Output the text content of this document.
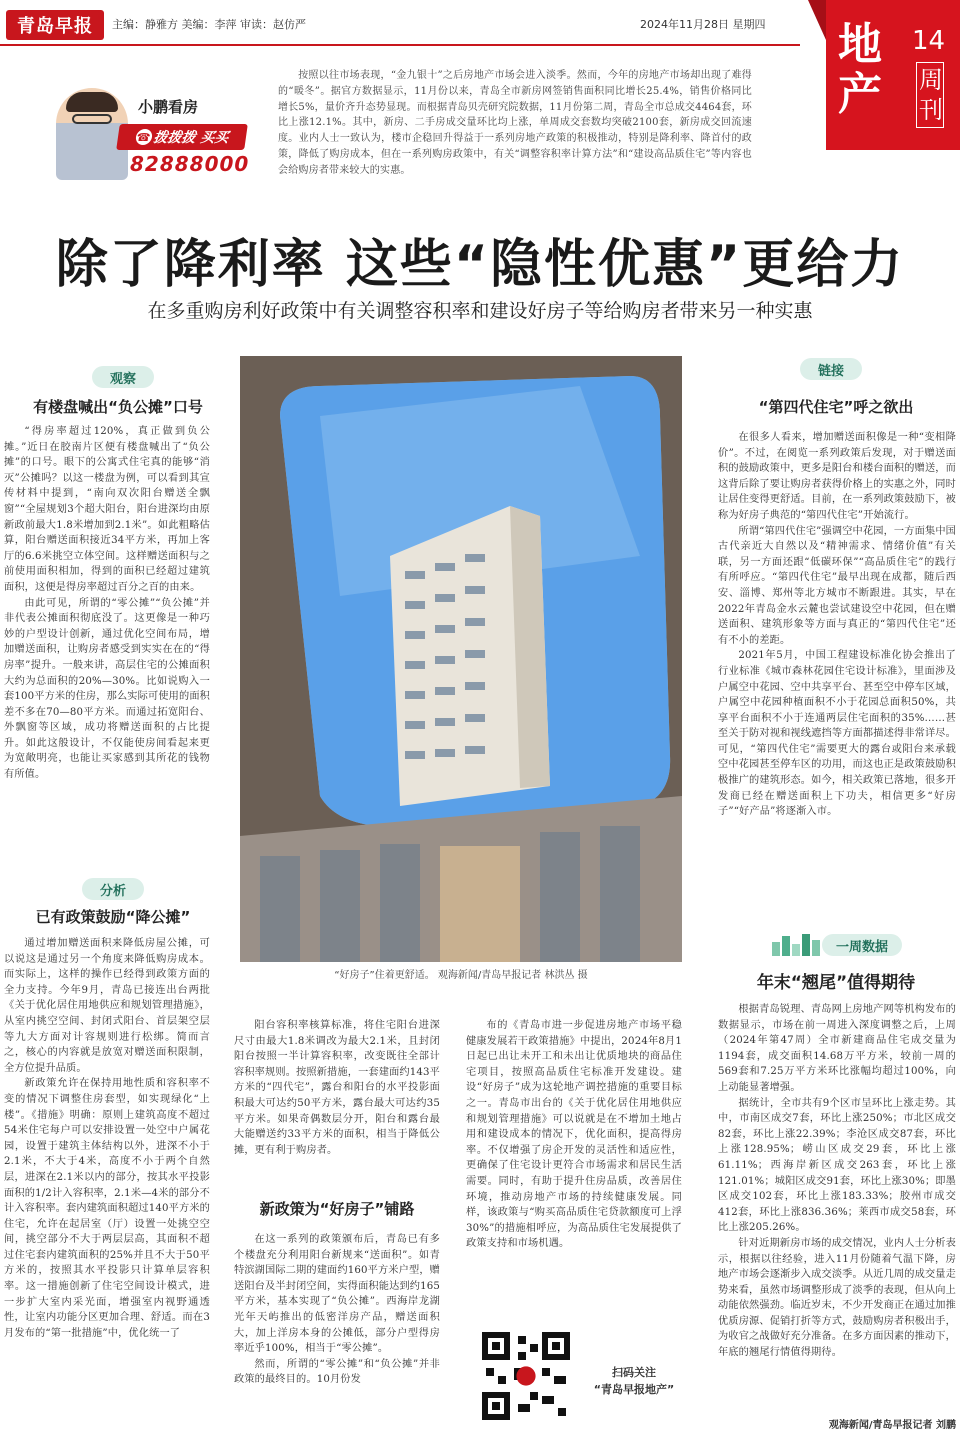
青岛早报	主编：静雅方 美编：李萍 审读：赵仿严	2024年11月28日 星期四 地产
14
周刊
小鹏看房
☎ 拨拨拨 买买
82888000
按照以往市场表现，“金九银十”之后房地产市场会进入淡季。然而，今年的房地产市场却出现了难得的“暖冬”。据官方数据显示，11月份以来，青岛全市新房网签销售面积同比增长25.4%，销售价格同比增长5%，量价齐升态势显现。而根据青岛贝壳研究院数据，11月份第二周，青岛全市总成交4464套，环比上涨12.1%。其中，新房、二手房成交量环比均上涨，单周成交套数均突破2100套，新房成交回流速度。业内人士一致认为，楼市企稳回升得益于一系列房地产政策的积极推动，特别是降利率、降首付的政策，降低了购房成本，但在一系列购房政策中，有关“调整容积率计算方法”和“建设高品质住宅”等内容也会给购房者带来较大的实惠。
除了降利率 这些“隐性优惠”更给力
在多重购房利好政策中有关调整容积率和建设好房子等给购房者带来另一种实惠
观察
有楼盘喊出“负公摊”口号

“得房率超过120%，真正做到负公摊。”近日在胶南片区便有楼盘喊出了“负公摊”的口号。眼下的公寓式住宅真的能够“消灭”公摊吗？以这一楼盘为例，可以看到其宣传材料中提到，“南向双次阳台赠送全飘窗”“全屋规划3个超大阳台，阳台进深均由原新政前最大1.8米增加到2.1米”。如此粗略估算，阳台赠送面积接近34平方米，再加上客厅的6.6米挑空立体空间。这样赠送面积与之前使用面积相加，得到的面积已经超过建筑面积，这便是得房率超过百分之百的由来。

由此可见，所谓的“零公摊”“负公摊”并非代表公摊面积彻底没了。这更像是一种巧妙的户型设计创新，通过优化空间布局，增加赠送面积，让购房者感受到实实在在的“得房率”提升。一般来讲，高层住宅的公摊面积大约为总面积的20%—30%。比如说购入一套100平方米的住房，那么实际可使用的面积差不多在70—80平方米。而通过拓宽阳台、外飘窗等区域，成功将赠送面积的占比提升。如此这般设计，不仅能使房间看起来更为宽敞明亮，也能让买家感到其所花的钱物有所值。

分析
已有政策鼓励“降公摊”

通过增加赠送面积来降低房屋公摊，可以说这是通过另一个角度来降低购房成本。而实际上，这样的操作已经得到政策方面的全力支持。今年9月，青岛已接连出台两批《关于优化居住用地供应和规划管理措施》，从室内挑空空间、封闭式阳台、首层架空层等九大方面对计容规则进行松绑。简而言之，核心的内容就是放宽对赠送面积限制，全方位提升品质。

新政策允许在保持用地性质和容积率不变的情况下调整住房套型，如实现绿化“上楼”。《措施》明确：原则上建筑高度不超过54米住宅每户可以安排设置一处空中户属花园，设置于建筑主体结构以外，进深不小于2.1米，不大于4米，高度不小于两个自然层，进深在2.1米以内的部分，按其水平投影面积的1/2计入容积率，2.1米—4米的部分不计入容积率。套内建筑面积超过140平方米的住宅，允许在起居室（厅）设置一处挑空空间，挑空部分不大于两层层高，其面积不超过住宅套内建筑面积的25%并且不大于50平方米的，按照其水平投影只计算单层容积率。这一措施创新了住宅空间设计模式，进一步扩大室内采光面，增强室内视野通透性，让室内功能分区更加合理、舒适。而在3月发布的“第一批措施”中，优化统一了

“好房子”住着更舒适。 观海新闻/青岛早报记者 林洪丛 摄

阳台容积率核算标准，将住宅阳台进深尺寸由最大1.8米调改为最大2.1米，且封闭阳台按照一半计算容积率，改变既往全部计容积率规则。按照新措施，一套建面约143平方米的“四代宅”，露台和阳台的水平投影面积最大可达约50平方米，露台最大可达约35平方米。如果奇偶数层分开，阳台和露台最大能赠送约33平方米的面积，相当于降低公摊，更有利于购房者。

新政策为“好房子”铺路

在这一系列的政策颁布后，青岛已有多个楼盘充分利用阳台新规来“送面积”。如青特滨湖国际二期的建面约160平方米户型，赠送阳台及半封闭空间，实得面积能达到约165平方米，基本实现了“负公摊”。西海岸龙湖光年天屿推出的低密洋房产品，赠送面积大，加上洋房本身的公摊低，部分户型得房率近乎100%，相当于“零公摊”。

然而，所谓的“零公摊”和“负公摊”并非政策的最终目的。10月份发

布的《青岛市进一步促进房地产市场平稳健康发展若干政策措施》中提出，2024年8月1日起已出让未开工和未出让优质地块的商品住宅项目，按照高品质住宅标准开发建设。建设“好房子”成为这轮地产调控措施的重要目标之一。青岛市出台的《关于优化居住用地供应和规划管理措施》可以说就是在不增加土地占用和建设成本的情况下，优化面积，提高得房率。不仅增强了房企开发的灵活性和适应性，更确保了住宅设计更符合市场需求和居民生活需要。同时，有助于提升住房品质，改善居住环境，推动房地产市场的持续健康发展。同样，该政策与“购买高品质住宅贷款额度可上浮30%”的措施相呼应，为高品质住宅发展提供了政策支持和市场机遇。

扫码关注
“青岛早报地产”
链接
“第四代住宅”呼之欲出

在很多人看来，增加赠送面积像是一种“变相降价”。不过，在阅览一系列政策后发现，对于赠送面积的鼓励政策中，更多是阳台和楼台面积的赠送，而这背后除了要让购房者获得价格上的实惠之外，同时让居住变得更舒适。目前，在一系列政策鼓励下，被称为好房子典范的“第四代住宅”开始流行。

所谓“第四代住宅”强调空中花园，一方面集中国古代亲近大自然以及“精神需求、情绪价值”有关联，另一方面还跟“低碳环保”“高品质住宅”的践行有所呼应。“第四代住宅”最早出现在成都，随后西安、淄博、郑州等北方城市不断跟进。其实，早在2022年青岛金水云麓也尝试建设空中花园，但在赠送面积、建筑形象等方面与真正的“第四代住宅”还有不小的差距。

2021年5月，中国工程建设标准化协会推出了行业标准《城市森林花园住宅设计标准》，里面涉及户属空中花园、空中共享平台、甚至空中停车区域，户属空中花园种植面积不小于花园总面积50%，共享平台面积不小于连通两层住宅面积的35%……甚至关于防对视和视线遮挡等方面都描述得非常详尽。可见，“第四代住宅”需要更大的露台或阳台来承载空中花园甚至停车区的功用，而这也正是政策鼓励积极推广的建筑形态。如今，相关政策已落地，很多开发商已经在赠送面积上下功夫，相信更多“好房子”“好产品”将逐渐入市。

一周数据
年末“翘尾”值得期待

根据青岛锐理、青岛网上房地产网等机构发布的数据显示，市场在前一周进入深度调整之后，上周（2024年第47周）全市新建商品住宅成交量为1194套，成交面积14.68万平方米，较前一周的569套和7.25万平方米环比涨幅均超过100%，向上动能显著增强。

据统计，全市共有9个区市呈环比上涨走势。其中，市南区成交7套，环比上涨250%；市北区成交82套，环比上涨22.39%；李沧区成交87套，环比上涨128.95%；崂山区成交29套，环比上涨61.11%；西海岸新区成交263套，环比上涨121.01%；城阳区成交91套，环比上涨30%；即墨区成交102套，环比上涨183.33%；胶州市成交412套，环比上涨836.36%；莱西市成交58套，环比上涨205.26%。

针对近期新房市场的成交情况，业内人士分析表示，根据以往经验，进入11月份随着气温下降，房地产市场会逐渐步入成交淡季。从近几周的成交量走势来看，虽然市场调整形成了淡季的表现，但从向上动能依然强劲。临近岁末，不少开发商正在通过加推优质房源、促销打折等方式，鼓励购房者积极出手，为收官之战做好充分准备。在多方面因素的推动下，年底的翘尾行情值得期待。

观海新闻/青岛早报记者 刘鹏
